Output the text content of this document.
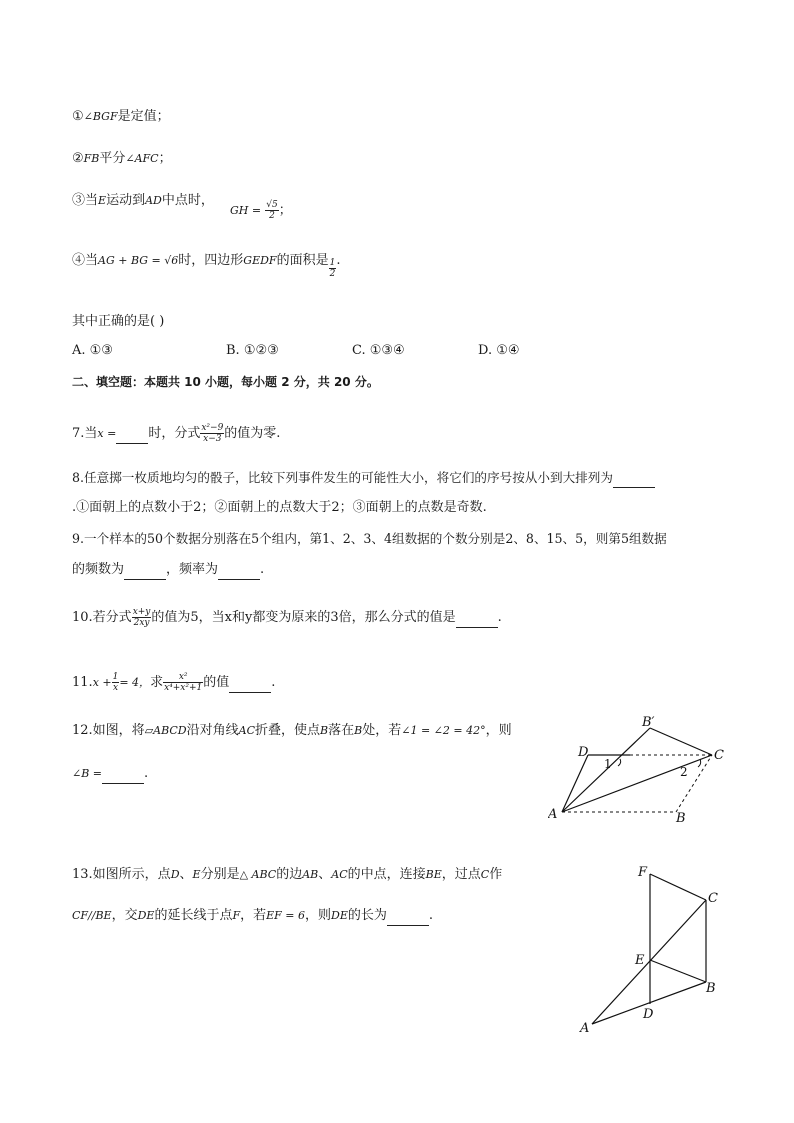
①∠BGF是定值；
②FB平分∠AFC；
③当E运动到AD中点时，
GH = $\frac{√5}{2}$ ；
④当AG + BG = √6时，四边形GEDF的面积是 $\frac{1}{2}$ .
其中正确的是( )
A. ①③	B. ①②③	C. ①③④	D. ①④
二、填空题：本题共 10 小题，每小题 2 分，共 20 分。
7.当x = 时，分式 $\frac{\text{x²−9}}{x-3}$ 的值为零.
8.任意掷一枚质地均匀的骰子，比较下列事件发生的可能性大小，将它们的序号按从小到大排列为
.①面朝上的点数小于2；②面朝上的点数大于2；③面朝上的点数是奇数.
9.一个样本的50个数据分别落在5个组内，第1、2、3、4组数据的个数分别是2、8、15、5，则第5组数据
的频数为	，频率为	.
10.若分式 $\frac{x+y}{2xy}$ 的值为5，当x和y都变为原来的3倍，那么分式的值是	.
$11.x + \frac{1}{x} = 4$，求 $\frac{\text{x²}}{\text{x⁴+x²+1}}$ 的值	.
12.如图，将▱ABCD沿对角线AC折叠，使点B落在B处，若∠1 = ∠2 = 42°，则
∠B =	.
A	B
C
D
B′
1
2
13.如图所示，点D、E分别是△ ABC的边AB、AC的中点，连接BE，过点C作
CF//BE，交DE的延长线于点F，若EF = 6，则DE的长为	.
F
C
E
B
D
A
